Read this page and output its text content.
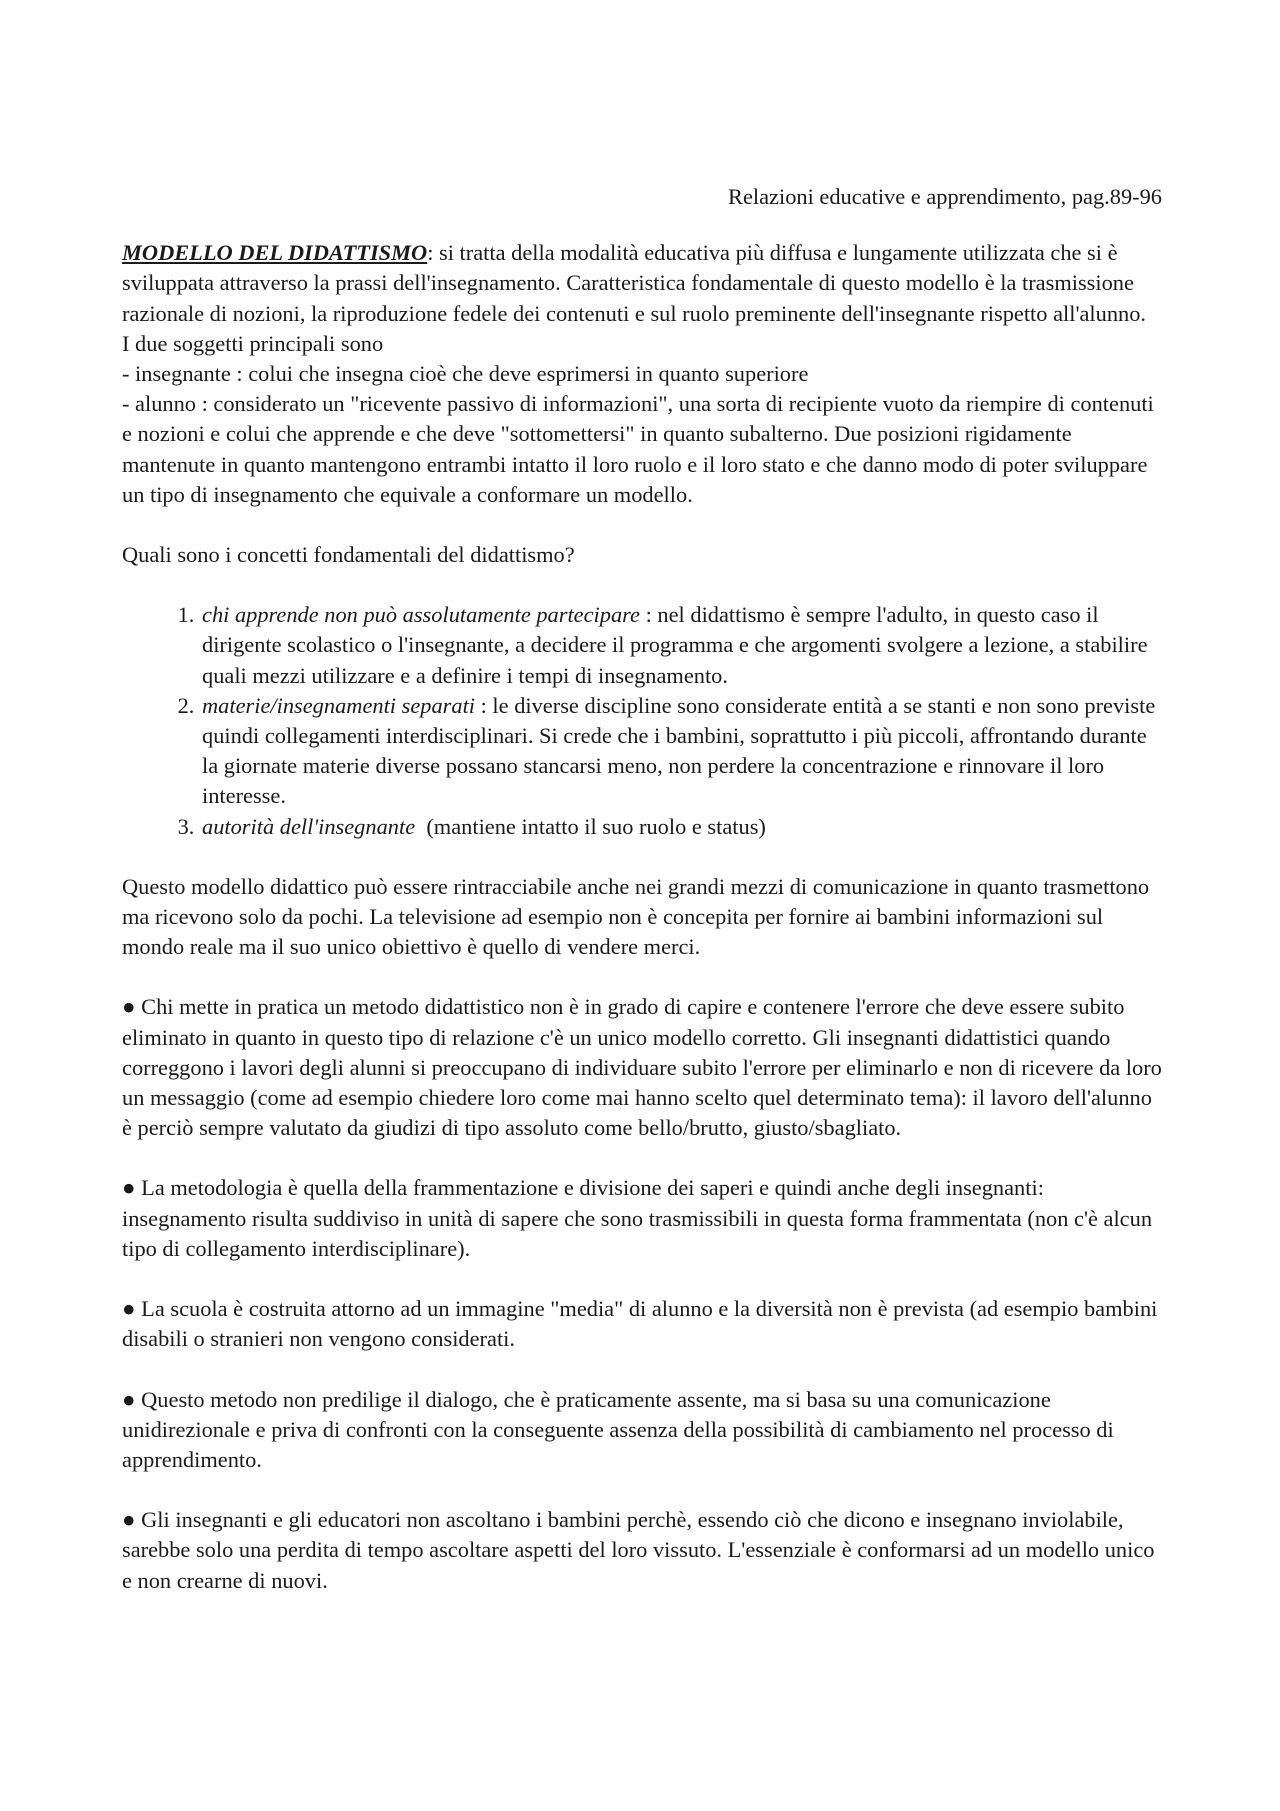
Relazioni educative e apprendimento, pag.89-96

MODELLO DEL DIDATTISMO: si tratta della modalità educativa più diffusa e lungamente utilizzata che si è sviluppata attraverso la prassi dell'insegnamento. Caratteristica fondamentale di questo modello è la trasmissione razionale di nozioni, la riproduzione fedele dei contenuti e sul ruolo preminente dell'insegnante rispetto all'alunno.

I due soggetti principali sono

- insegnante : colui che insegna cioè che deve esprimersi in quanto superiore

- alunno : considerato un "ricevente passivo di informazioni", una sorta di recipiente vuoto da riempire di contenuti e nozioni e colui che apprende e che deve "sottomettersi" in quanto subalterno. Due posizioni rigidamente mantenute in quanto mantengono entrambi intatto il loro ruolo e il loro stato e che danno modo di poter sviluppare un tipo di insegnamento che equivale a conformare un modello.

Quali sono i concetti fondamentali del didattismo?

1. chi apprende non può assolutamente partecipare : nel didattismo è sempre l'adulto, in questo caso il dirigente scolastico o l'insegnante, a decidere il programma e che argomenti svolgere a lezione, a stabilire quali mezzi utilizzare e a definire i tempi di insegnamento.
2. materie/insegnamenti separati : le diverse discipline sono considerate entità a se stanti e non sono previste quindi collegamenti interdisciplinari. Si crede che i bambini, soprattutto i più piccoli, affrontando durante la giornate materie diverse possano stancarsi meno, non perdere la concentrazione e rinnovare il loro interesse.
3. autorità dell'insegnante  (mantiene intatto il suo ruolo e status)

Questo modello didattico può essere rintracciabile anche nei grandi mezzi di comunicazione in quanto trasmettono ma ricevono solo da pochi. La televisione ad esempio non è concepita per fornire ai bambini informazioni sul mondo reale ma il suo unico obiettivo è quello di vendere merci.

● Chi mette in pratica un metodo didattistico non è in grado di capire e contenere l'errore che deve essere subito eliminato in quanto in questo tipo di relazione c'è un unico modello corretto. Gli insegnanti didattistici quando correggono i lavori degli alunni si preoccupano di individuare subito l'errore per eliminarlo e non di ricevere da loro un messaggio (come ad esempio chiedere loro come mai hanno scelto quel determinato tema): il lavoro dell'alunno è perciò sempre valutato da giudizi di tipo assoluto come bello/brutto, giusto/sbagliato.

● La metodologia è quella della frammentazione e divisione dei saperi e quindi anche degli insegnanti: insegnamento risulta suddiviso in unità di sapere che sono trasmissibili in questa forma frammentata (non c'è alcun tipo di collegamento interdisciplinare).

● La scuola è costruita attorno ad un immagine "media" di alunno e la diversità non è prevista (ad esempio bambini disabili o stranieri non vengono considerati.

● Questo metodo non predilige il dialogo, che è praticamente assente, ma si basa su una comunicazione unidirezionale e priva di confronti con la conseguente assenza della possibilità di cambiamento nel processo di apprendimento.

● Gli insegnanti e gli educatori non ascoltano i bambini perchè, essendo ciò che dicono e insegnano inviolabile, sarebbe solo una perdita di tempo ascoltare aspetti del loro vissuto. L'essenziale è conformarsi ad un modello unico e non crearne di nuovi.
